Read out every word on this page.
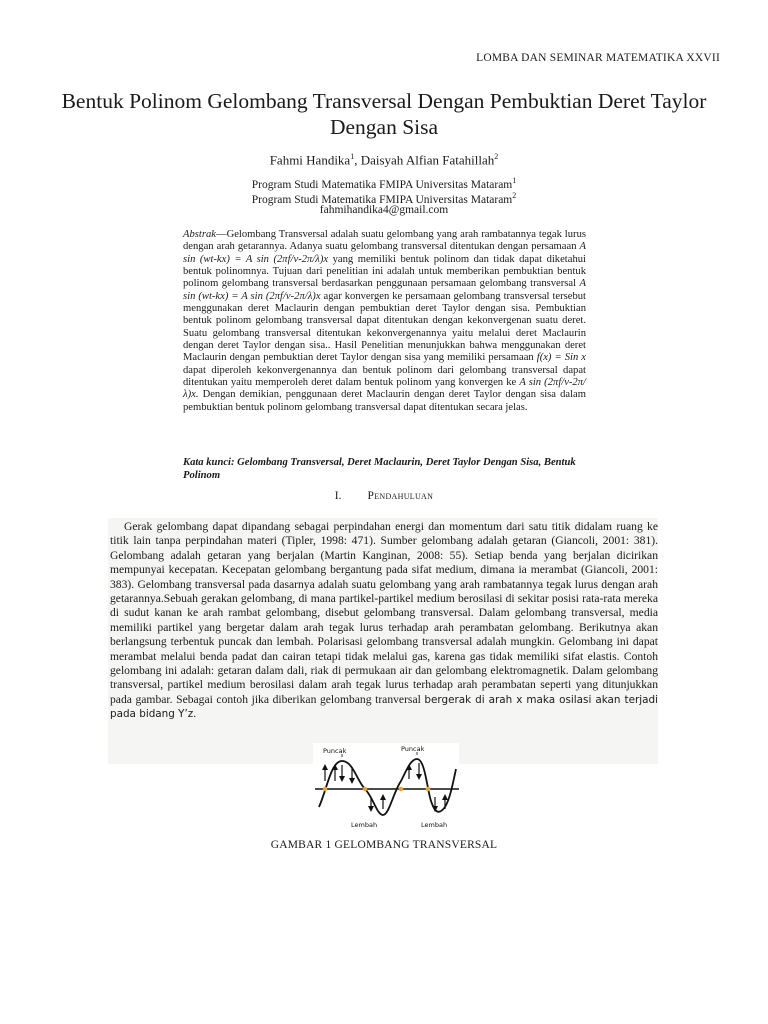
LOMBA DAN SEMINAR MATEMATIKA XXVII
Bentuk Polinom Gelombang Transversal Dengan Pembuktian Deret Taylor Dengan Sisa
Fahmi Handika$^1$, Daisyah Alfian Fatahillah$^2$
Program Studi Matematika FMIPA Universitas Mataram$^1$
Program Studi Matematika FMIPA Universitas Mataram$^2$
fahmihandika4@gmail.com

Abstrak—Gelombang Transversal adalah suatu gelombang yang arah rambatannya tegak lurus dengan arah getarannya. Adanya suatu gelombang transversal ditentukan dengan persamaan A sin (wt-kx) = A sin (2πf/v-2π/λ)x yang memiliki bentuk polinom dan tidak dapat diketahui bentuk polinomnya. Tujuan dari penelitian ini adalah untuk memberikan pembuktian bentuk polinom gelombang transversal berdasarkan penggunaan persamaan gelombang transversal A sin (wt-kx) = A sin (2πf/v-2π/λ)x agar konvergen ke persamaan gelombang transversal tersebut menggunakan deret Maclaurin dengan pembuktian deret Taylor dengan sisa. Pembuktian bentuk polinom gelombang transversal dapat ditentukan dengan kekonvergenan suatu deret. Suatu gelombang transversal ditentukan kekonvergenannya yaitu melalui deret Maclaurin dengan deret Taylor dengan sisa.. Hasil Penelitian menunjukkan bahwa menggunakan deret Maclaurin dengan pembuktian deret Taylor dengan sisa yang memiliki persamaan f(x) = Sin x dapat diperoleh kekonvergenannya dan bentuk polinom dari gelombang transversal dapat ditentukan yaitu memperoleh deret dalam bentuk polinom yang konvergen ke A sin (2πf/v-2π/λ)x. Dengan demikian, penggunaan deret Maclaurin dengan deret Taylor dengan sisa dalam pembuktian bentuk polinom gelombang transversal dapat ditentukan secara jelas.

Kata kunci: Gelombang Transversal, Deret Maclaurin, Deret Taylor Dengan Sisa, Bentuk Polinom

I. Pendahuluan

Gerak gelombang dapat dipandang sebagai perpindahan energi dan momentum dari satu titik didalam ruang ke titik lain tanpa perpindahan materi (Tipler, 1998: 471). Sumber gelombang adalah getaran (Giancoli, 2001: 381). Gelombang adalah getaran yang berjalan (Martin Kanginan, 2008: 55). Setiap benda yang berjalan dicirikan mempunyai kecepatan. Kecepatan gelombang bergantung pada sifat medium, dimana ia merambat (Giancoli, 2001: 383). Gelombang transversal pada dasarnya adalah suatu gelombang yang arah rambatannya tegak lurus dengan arah getarannya.Sebuah gerakan gelombang, di mana partikel-partikel medium berosilasi di sekitar posisi rata-rata mereka di sudut kanan ke arah rambat gelombang, disebut gelombang transversal. Dalam gelombang transversal, media memiliki partikel yang bergetar dalam arah tegak lurus terhadap arah perambatan gelombang. Berikutnya akan berlangsung terbentuk puncak dan lembah. Polarisasi gelombang transversal adalah mungkin. Gelombang ini dapat merambat melalui benda padat dan cairan tetapi tidak melalui gas, karena gas tidak memiliki sifat elastis. Contoh gelombang ini adalah: getaran dalam dali, riak di permukaan air dan gelombang elektromagnetik. Dalam gelombang transversal, partikel medium berosilasi dalam arah tegak lurus terhadap arah perambatan seperti yang ditunjukkan pada gambar. Sebagai contoh jika diberikan gelombang tranversal bergerak di arah x maka osilasi akan terjadi pada bidang Y’z.

Puncak	Puncak
Lembah	Lembah
GAMBAR 1 GELOMBANG TRANSVERSAL
